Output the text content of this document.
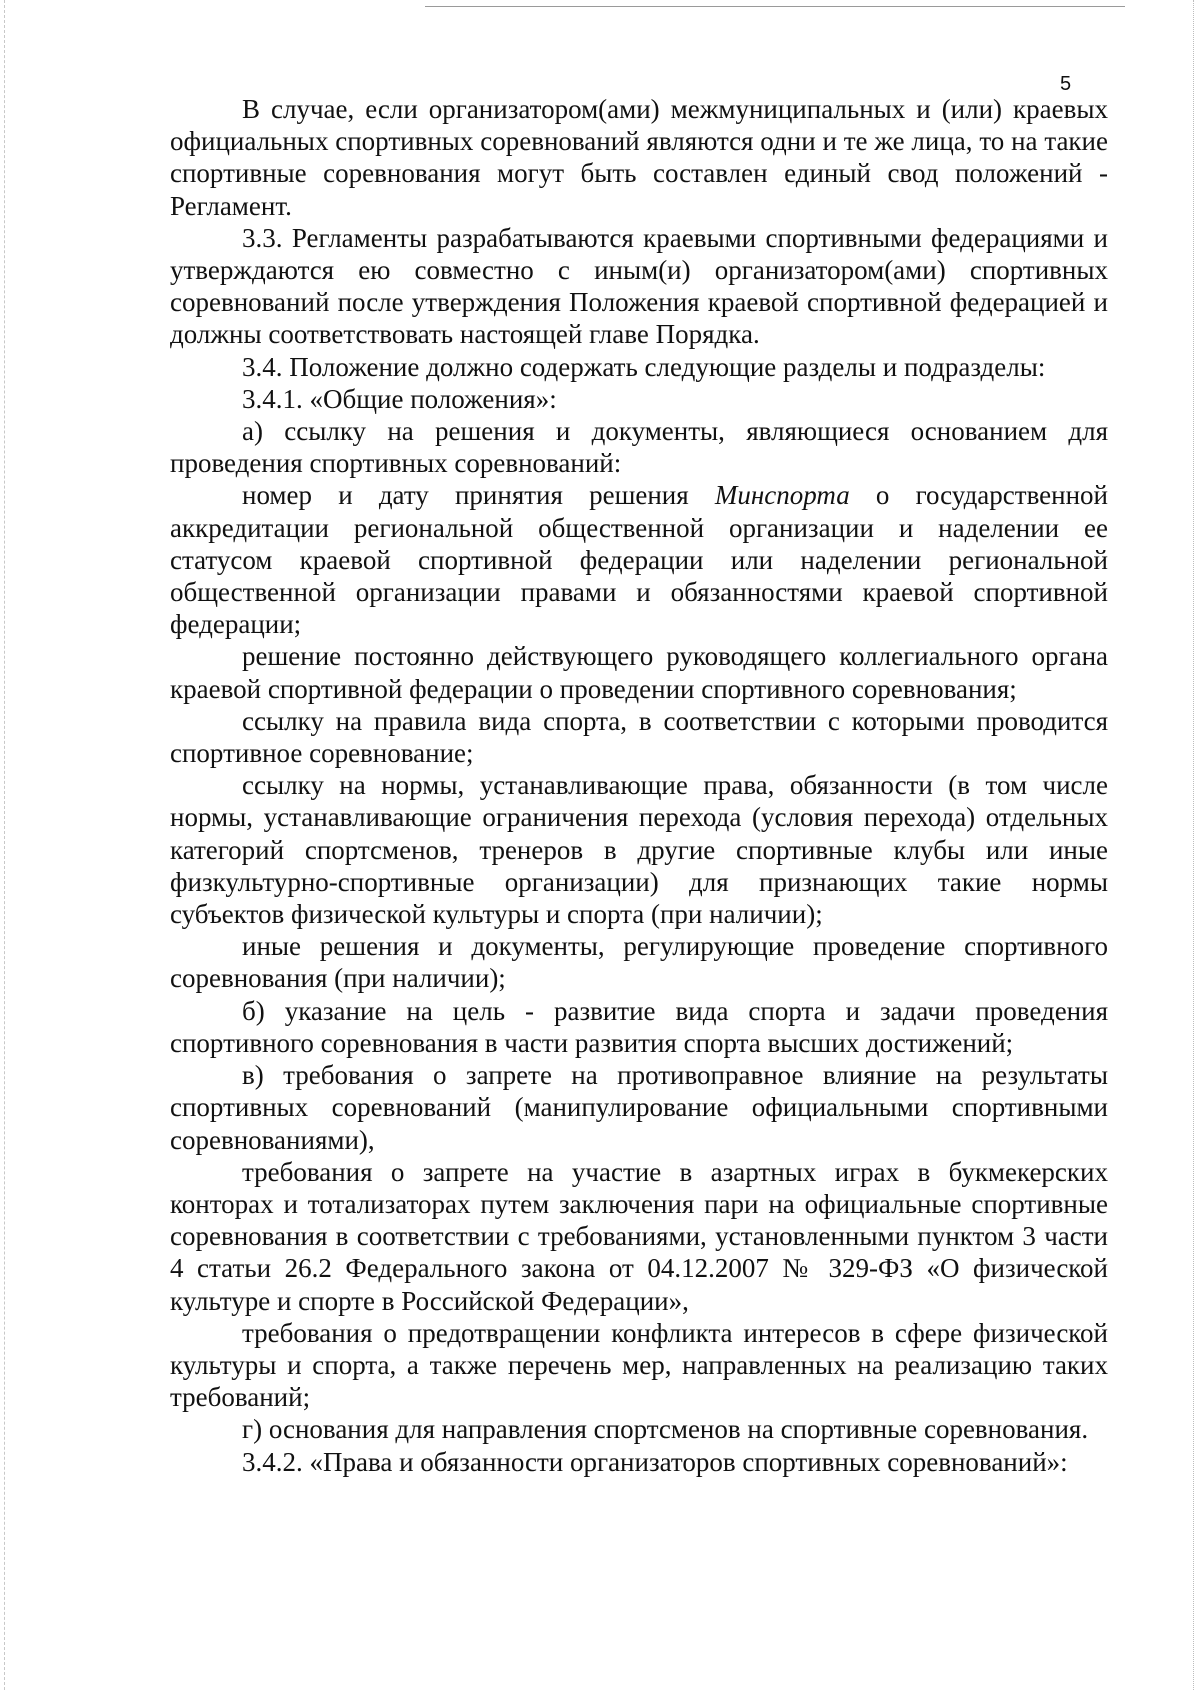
5

В случае, если организатором(ами) межмуниципальных и (или) краевых официальных спортивных соревнований являются одни и те же лица, то на такие спортивные соревнования могут быть составлен единый свод положений - Регламент.

3.3. Регламенты разрабатываются краевыми спортивными федерациями и утверждаются ею совместно с иным(и) организатором(ами) спортивных соревнований после утверждения Положения краевой спортивной федерацией и должны соответствовать настоящей главе Порядка.

3.4. Положение должно содержать следующие разделы и подразделы:

3.4.1. «Общие положения»:

а) ссылку на решения и документы, являющиеся основанием для проведения спортивных соревнований:

номер и дату принятия решения Минспорта о государственной аккредитации региональной общественной организации и наделении ее статусом краевой спортивной федерации или наделении региональной общественной организации правами и обязанностями краевой спортивной федерации;

решение постоянно действующего руководящего коллегиального органа краевой спортивной федерации о проведении спортивного соревнования;

ссылку на правила вида спорта, в соответствии с которыми проводится спортивное соревнование;

ссылку на нормы, устанавливающие права, обязанности (в том числе нормы, устанавливающие ограничения перехода (условия перехода) отдельных категорий спортсменов, тренеров в другие спортивные клубы или иные физкультурно-спортивные организации) для признающих такие нормы субъектов физической культуры и спорта (при наличии);

иные решения и документы, регулирующие проведение спортивного соревнования (при наличии);

б) указание на цель - развитие вида спорта и задачи проведения спортивного соревнования в части развития спорта высших достижений;

в) требования о запрете на противоправное влияние на результаты спортивных соревнований (манипулирование официальными спортивными соревнованиями),

требования о запрете на участие в азартных играх в букмекерских конторах и тотализаторах путем заключения пари на официальные спортивные соревнования в соответствии с требованиями, установленными пунктом 3 части 4 статьи 26.2 Федерального закона от 04.12.2007 № 329-ФЗ «О физической культуре и спорте в Российской Федерации»,

требования о предотвращении конфликта интересов в сфере физической культуры и спорта, а также перечень мер, направленных на реализацию таких требований;

г) основания для направления спортсменов на спортивные соревнования.

3.4.2. «Права и обязанности организаторов спортивных соревнований»:
